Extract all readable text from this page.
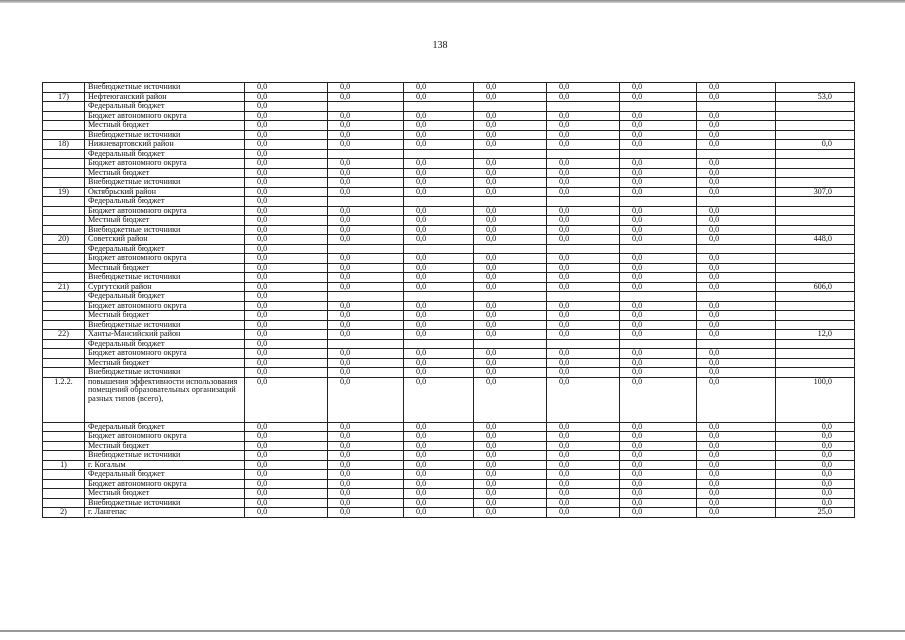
138
	Внебюджетные источники	0,0	0,0	0,0	0,0	0,0	0,0	0,0	
17)	Нефтеюганский район	0,0	0,0	0,0	0,0	0,0	0,0	0,0	53,0
	Федеральный бюджет	0,0							
	Бюджет автономного округа	0,0	0,0	0,0	0,0	0,0	0,0	0,0	
	Местный бюджет	0,0	0,0	0,0	0,0	0,0	0,0	0,0	
	Внебюджетные источники	0,0	0,0	0,0	0,0	0,0	0,0	0,0	
18)	Нижневартовский район	0,0	0,0	0,0	0,0	0,0	0,0	0,0	0,0
	Федеральный бюджет	0,0							
	Бюджет автономного округа	0,0	0,0	0,0	0,0	0,0	0,0	0,0	
	Местный бюджет	0,0	0,0	0,0	0,0	0,0	0,0	0,0	
	Внебюджетные источники	0,0	0,0	0,0	0,0	0,0	0,0	0,0	
19)	Октябрьский район	0,0	0,0	0,0	0,0	0,0	0,0	0,0	307,0
	Федеральный бюджет	0,0							
	Бюджет автономного округа	0,0	0,0	0,0	0,0	0,0	0,0	0,0	
	Местный бюджет	0,0	0,0	0,0	0,0	0,0	0,0	0,0	
	Внебюджетные источники	0,0	0,0	0,0	0,0	0,0	0,0	0,0	
20)	Советский район	0,0	0,0	0,0	0,0	0,0	0,0	0,0	448,0
	Федеральный бюджет	0,0							
	Бюджет автономного округа	0,0	0,0	0,0	0,0	0,0	0,0	0,0	
	Местный бюджет	0,0	0,0	0,0	0,0	0,0	0,0	0,0	
	Внебюджетные источники	0,0	0,0	0,0	0,0	0,0	0,0	0,0	
21)	Сургутский район	0,0	0,0	0,0	0,0	0,0	0,0	0,0	606,0
	Федеральный бюджет	0,0							
	Бюджет автономного округа	0,0	0,0	0,0	0,0	0,0	0,0	0,0	
	Местный бюджет	0,0	0,0	0,0	0,0	0,0	0,0	0,0	
	Внебюджетные источники	0,0	0,0	0,0	0,0	0,0	0,0	0,0	
22)	Ханты-Мансийский район	0,0	0,0	0,0	0,0	0,0	0,0	0,0	12,0
	Федеральный бюджет	0,0							
	Бюджет автономного округа	0,0	0,0	0,0	0,0	0,0	0,0	0,0	
	Местный бюджет	0,0	0,0	0,0	0,0	0,0	0,0	0,0	
	Внебюджетные источники	0,0	0,0	0,0	0,0	0,0	0,0	0,0	
1.2.2.	повышения эффективности использования помещений образовательных организаций разных типов (всего),	0,0	0,0	0,0	0,0	0,0	0,0	0,0	100,0
	Федеральный бюджет	0,0	0,0	0,0	0,0	0,0	0,0	0,0	0,0
	Бюджет автономного округа	0,0	0,0	0,0	0,0	0,0	0,0	0,0	0,0
	Местный бюджет	0,0	0,0	0,0	0,0	0,0	0,0	0,0	0,0
	Внебюджетные источники	0,0	0,0	0,0	0,0	0,0	0,0	0,0	0,0
1)	г. Когалым	0,0	0,0	0,0	0,0	0,0	0,0	0,0	0,0
	Федеральный бюджет	0,0	0,0	0,0	0,0	0,0	0,0	0,0	0,0
	Бюджет автономного округа	0,0	0,0	0,0	0,0	0,0	0,0	0,0	0,0
	Местный бюджет	0,0	0,0	0,0	0,0	0,0	0,0	0,0	0,0
	Внебюджетные источники	0,0	0,0	0,0	0,0	0,0	0,0	0,0	0,0
2)	г. Лангепас	0,0	0,0	0,0	0,0	0,0	0,0	0,0	25,0
